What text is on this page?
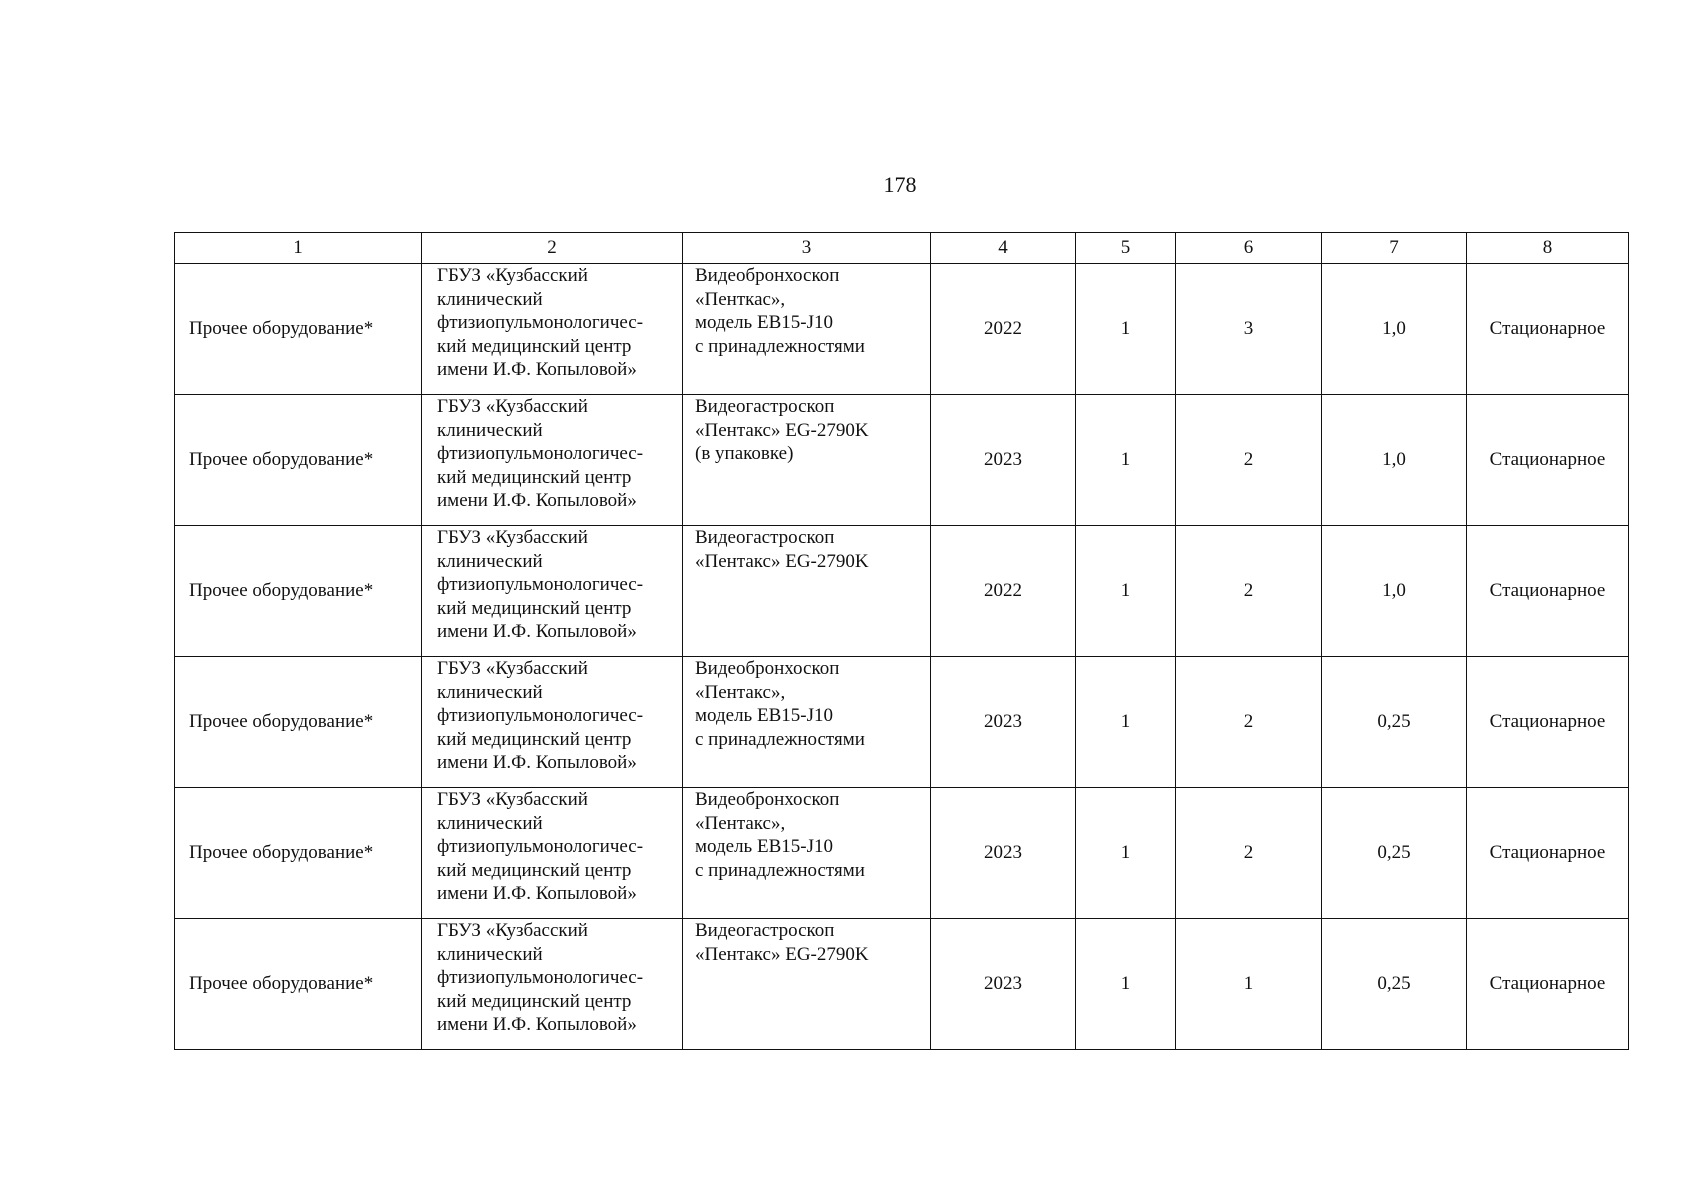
178
1	2	3	4	5	6	7	8
Прочее оборудование*	ГБУЗ «Кузбасский
клинический
фтизиопульмонологичес-
кий медицинский центр
имени И.Ф. Копыловой»	Видеобронхоскоп
«Пенткас»,
модель ЕВ15-J10
с принадлежностями	2022	1	3	1,0	Стационарное
Прочее оборудование*	ГБУЗ «Кузбасский
клинический
фтизиопульмонологичес-
кий медицинский центр
имени И.Ф. Копыловой»	Видеогастроскоп
«Пентакс» EG-2790K
(в упаковке)	2023	1	2	1,0	Стационарное
Прочее оборудование*	ГБУЗ «Кузбасский
клинический
фтизиопульмонологичес-
кий медицинский центр
имени И.Ф. Копыловой»	Видеогастроскоп
«Пентакс» EG-2790K	2022	1	2	1,0	Стационарное
Прочее оборудование*	ГБУЗ «Кузбасский
клинический
фтизиопульмонологичес-
кий медицинский центр
имени И.Ф. Копыловой»	Видеобронхоскоп
«Пентакс»,
модель ЕВ15-J10
с принадлежностями	2023	1	2	0,25	Стационарное
Прочее оборудование*	ГБУЗ «Кузбасский
клинический
фтизиопульмонологичес-
кий медицинский центр
имени И.Ф. Копыловой»	Видеобронхоскоп
«Пентакс»,
модель ЕВ15-J10
с принадлежностями	2023	1	2	0,25	Стационарное
Прочее оборудование*	ГБУЗ «Кузбасский
клинический
фтизиопульмонологичес-
кий медицинский центр
имени И.Ф. Копыловой»	Видеогастроскоп
«Пентакс» EG-2790K	2023	1	1	0,25	Стационарное
